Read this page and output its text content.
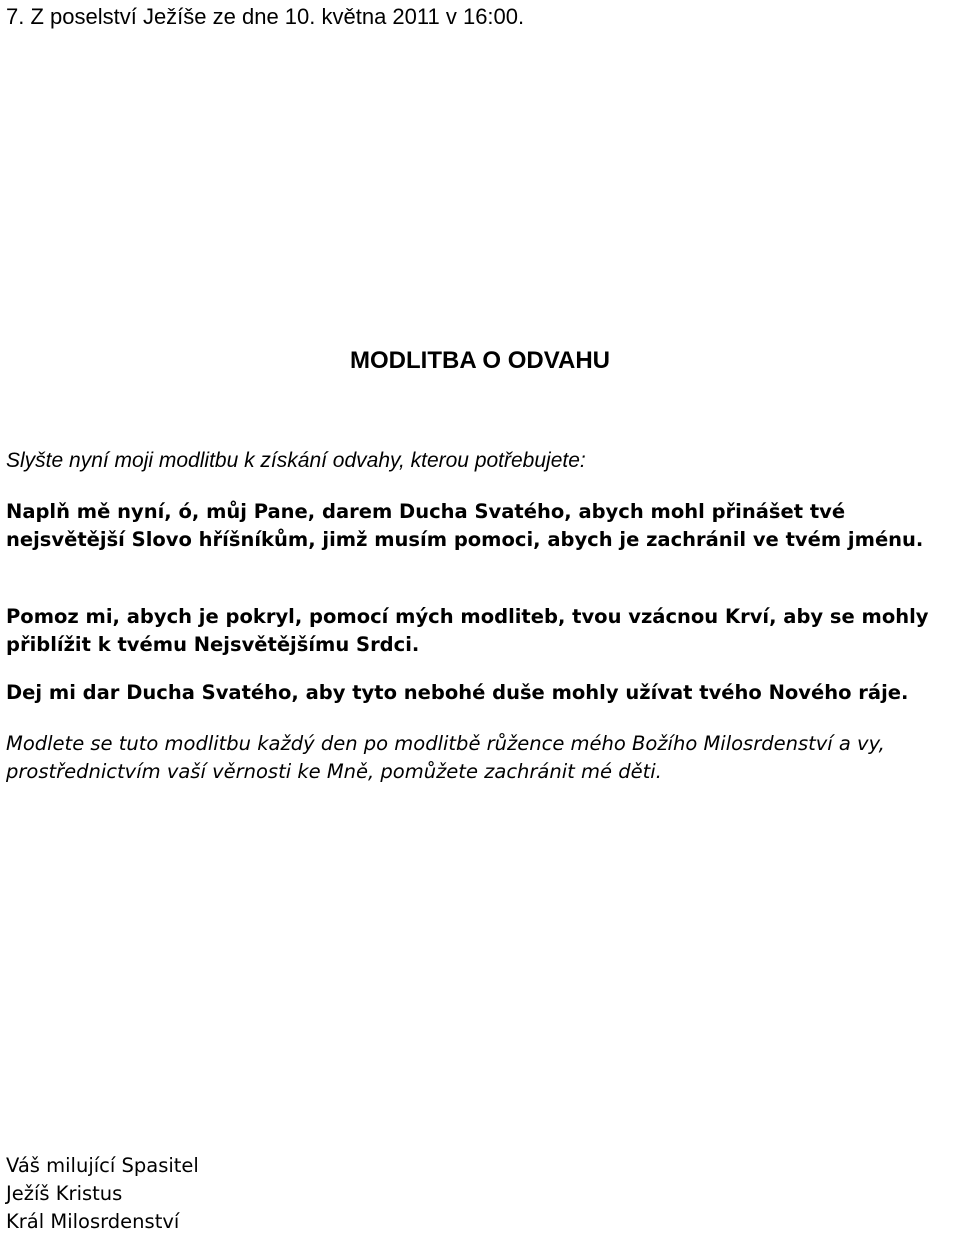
7. Z poselství Ježíše ze dne 10. května 2011 v 16:00.
MODLITBA O ODVAHU
Slyšte nyní moji modlitbu k získání odvahy, kterou potřebujete:
Naplň mě nyní, ó, můj Pane, darem Ducha Svatého, abych mohl přinášet tvé nejsvětější Slovo hříšníkům, jimž musím pomoci, abych je zachránil ve tvém jménu.
Pomoz mi, abych je pokryl, pomocí mých modliteb, tvou vzácnou Krví, aby se mohly přiblížit k tvému Nejsvětějšímu Srdci.
Dej mi dar Ducha Svatého, aby tyto nebohé duše mohly užívat tvého Nového ráje.
Modlete se tuto modlitbu každý den po modlitbě růžence mého Božího Milosrdenství a vy, prostřednictvím vaší věrnosti ke Mně, pomůžete zachránit mé děti.
Váš milující Spasitel
Ježíš Kristus
Král Milosrdenství
